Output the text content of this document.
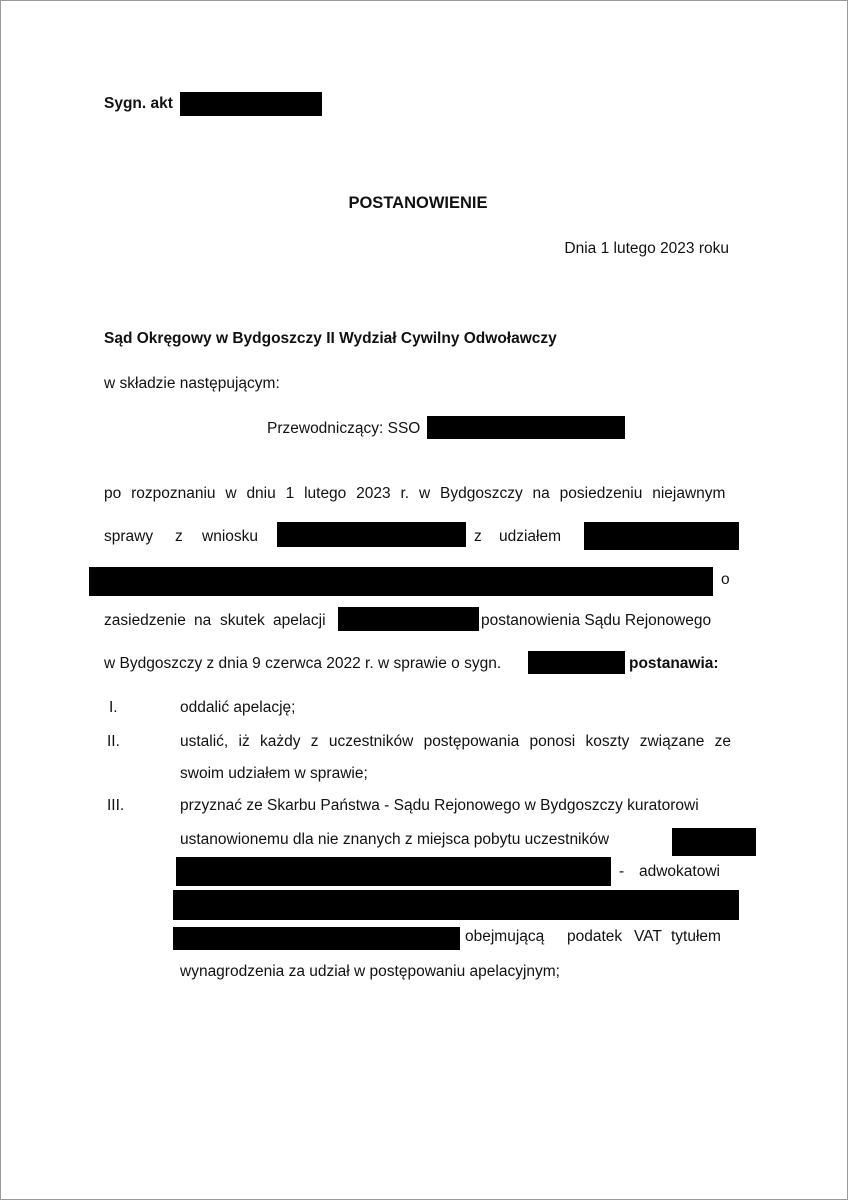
Sygn. akt
POSTANOWIENIE
Dnia 1 lutego 2023 roku
Sąd Okręgowy w Bydgoszczy II Wydział Cywilny Odwoławczy
w składzie następującym:
Przewodniczący: SSO
po rozpoznaniu w dniu 1 lutego 2023 r. w Bydgoszczy na posiedzeniu niejawnym
sprawy z wniosku	z udziałem
o
zasiedzenie na skutek apelacji	postanowienia Sądu Rejonowego
w Bydgoszczy z dnia 9 czerwca 2022 r. w sprawie o sygn.	postanawia:
I.	oddalić apelację;
II.	ustalić, iż każdy z uczestników postępowania ponosi koszty związane ze
swoim udziałem w sprawie;
III.	przyznać ze Skarbu Państwa - Sądu Rejonowego w Bydgoszczy kuratorowi
ustanowionemu dla nie znanych z miejsca pobytu uczestników
- adwokatowi
obejmującą podatek VAT tytułem
wynagrodzenia za udział w postępowaniu apelacyjnym;
